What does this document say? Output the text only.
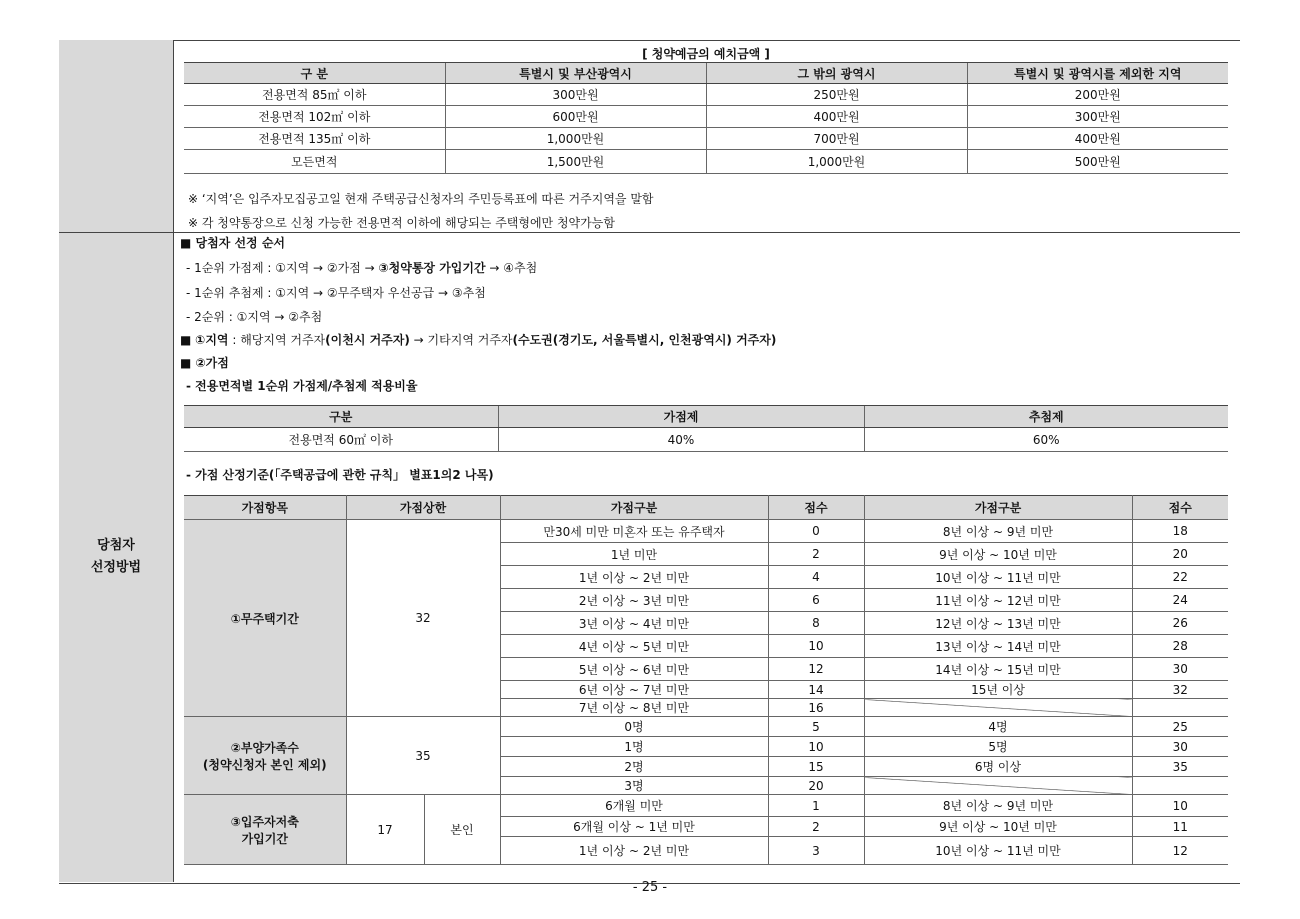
당첨자
선정방법
[ 청약예금의 예치금액 ]
구 분	특별시 및 부산광역시	그 밖의 광역시	특별시 및 광역시를 제외한 지역
전용면적 85㎡ 이하	300만원	250만원	200만원
전용면적 102㎡ 이하	600만원	400만원	300만원
전용면적 135㎡ 이하	1,000만원	700만원	400만원
모든면적	1,500만원	1,000만원	500만원
※ ‘지역’은 입주자모집공고일 현재 주택공급신청자의 주민등록표에 따른 거주지역을 말함
※ 각 청약통장으로 신청 가능한 전용면적 이하에 해당되는 주택형에만 청약가능함
■ 당첨자 선정 순서
- 1순위 가점제 : ①지역 → ②가점 → ③청약통장 가입기간 → ④추첨
- 1순위 추첨제 : ①지역 → ②무주택자 우선공급 → ③추첨
- 2순위 : ①지역 → ②추첨
■ ①지역 : 해당지역 거주자(이천시 거주자) → 기타지역 거주자(수도권(경기도, 서울특별시, 인천광역시) 거주자)
■ ②가점
- 전용면적별 1순위 가점제/추첨제 적용비율
구분	가점제	추첨제
전용면적 60㎡ 이하	40%	60%
- 가점 산정기준(「주택공급에 관한 규칙」 별표1의2 나목)
가점항목	가점상한		가점구분	점수	가점구분	점수
①무주택기간	32		만30세 미만 미혼자 또는 유주택자	0	8년 이상 ~ 9년 미만	18
			1년 미만	2	9년 이상 ~ 10년 미만	20
			1년 이상 ~ 2년 미만	4	10년 이상 ~ 11년 미만	22
			2년 이상 ~ 3년 미만	6	11년 이상 ~ 12년 미만	24
			3년 이상 ~ 4년 미만	8	12년 이상 ~ 13년 미만	26
			4년 이상 ~ 5년 미만	10	13년 이상 ~ 14년 미만	28
			5년 이상 ~ 6년 미만	12	14년 이상 ~ 15년 미만	30
			6년 이상 ~ 7년 미만	14	15년 이상	32
			7년 이상 ~ 8년 미만	16		

②부양가족수
(청약신청자 본인 제외)	35		0명	5	4명	25
			1명	10	5명	30
			2명	15	6명 이상	35
			3명	20		

③입주자저축
가입기간	17	본인	6개월 미만	1	8년 이상 ~ 9년 미만	10
			6개월 이상 ~ 1년 미만	2	9년 이상 ~ 10년 미만	11
			1년 이상 ~ 2년 미만	3	10년 이상 ~ 11년 미만	12
- 25 -
